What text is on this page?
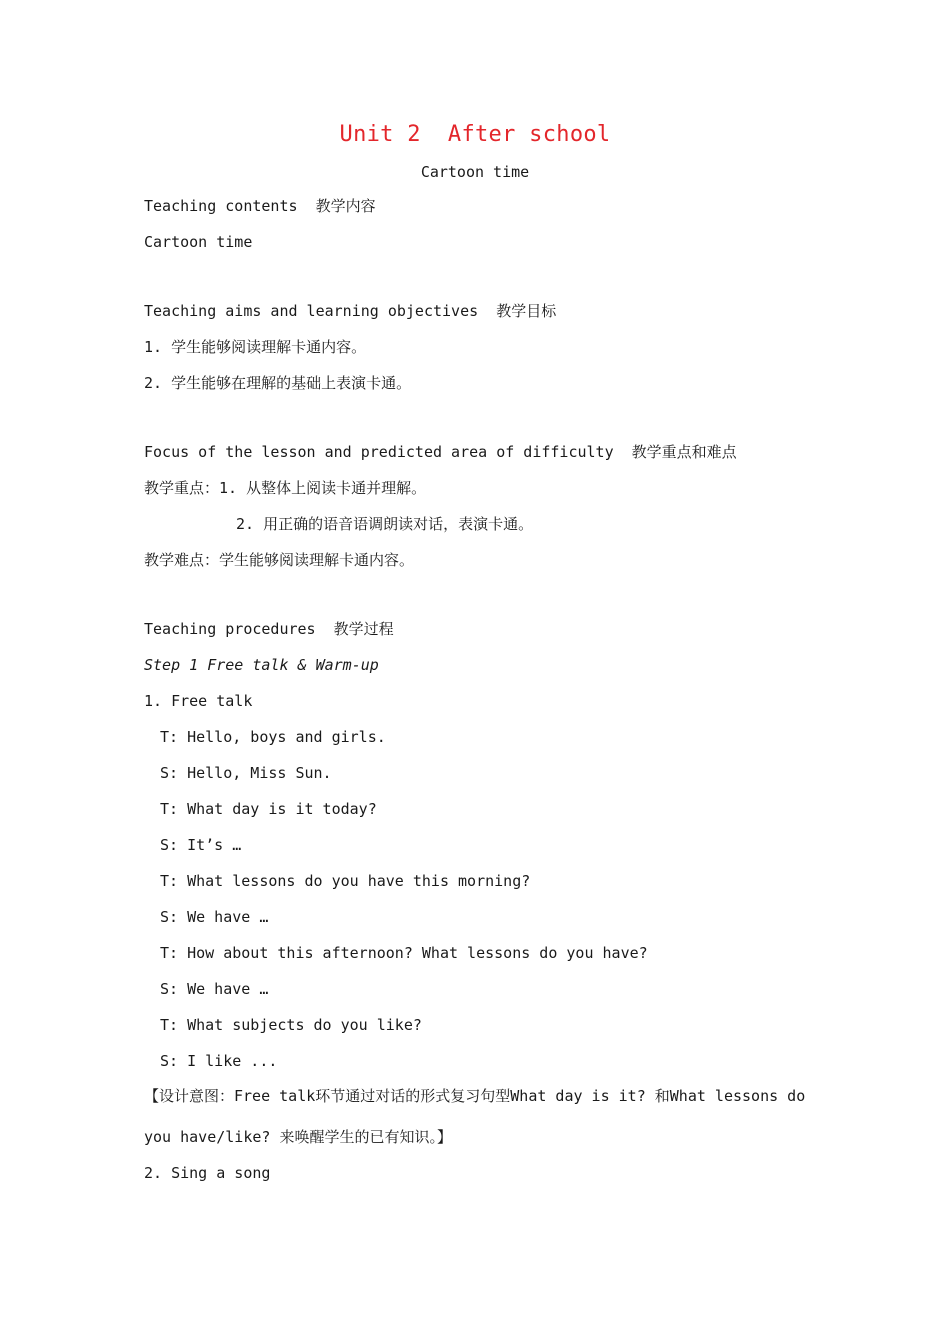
Unit 2  After school
Cartoon time
Teaching contents  教学内容
Cartoon time
Teaching aims and learning objectives  教学目标
1. 学生能够阅读理解卡通内容。
2. 学生能够在理解的基础上表演卡通。
Focus of the lesson and predicted area of difficulty  教学重点和难点
教学重点：1. 从整体上阅读卡通并理解。
2. 用正确的语音语调朗读对话，表演卡通。
教学难点：学生能够阅读理解卡通内容。
Teaching procedures  教学过程
Step 1 Free talk & Warm-up
1. Free talk
T: Hello, boys and girls.
S: Hello, Miss Sun.
T: What day is it today?
S: It’s …
T: What lessons do you have this morning?
S: We have …
T: How about this afternoon? What lessons do you have?
S: We have …
T: What subjects do you like?
S: I like ...
【设计意图：Free talk环节通过对话的形式复习句型What day is it? 和What lessons do you have/like? 来唤醒学生的已有知识。】
2. Sing a song
